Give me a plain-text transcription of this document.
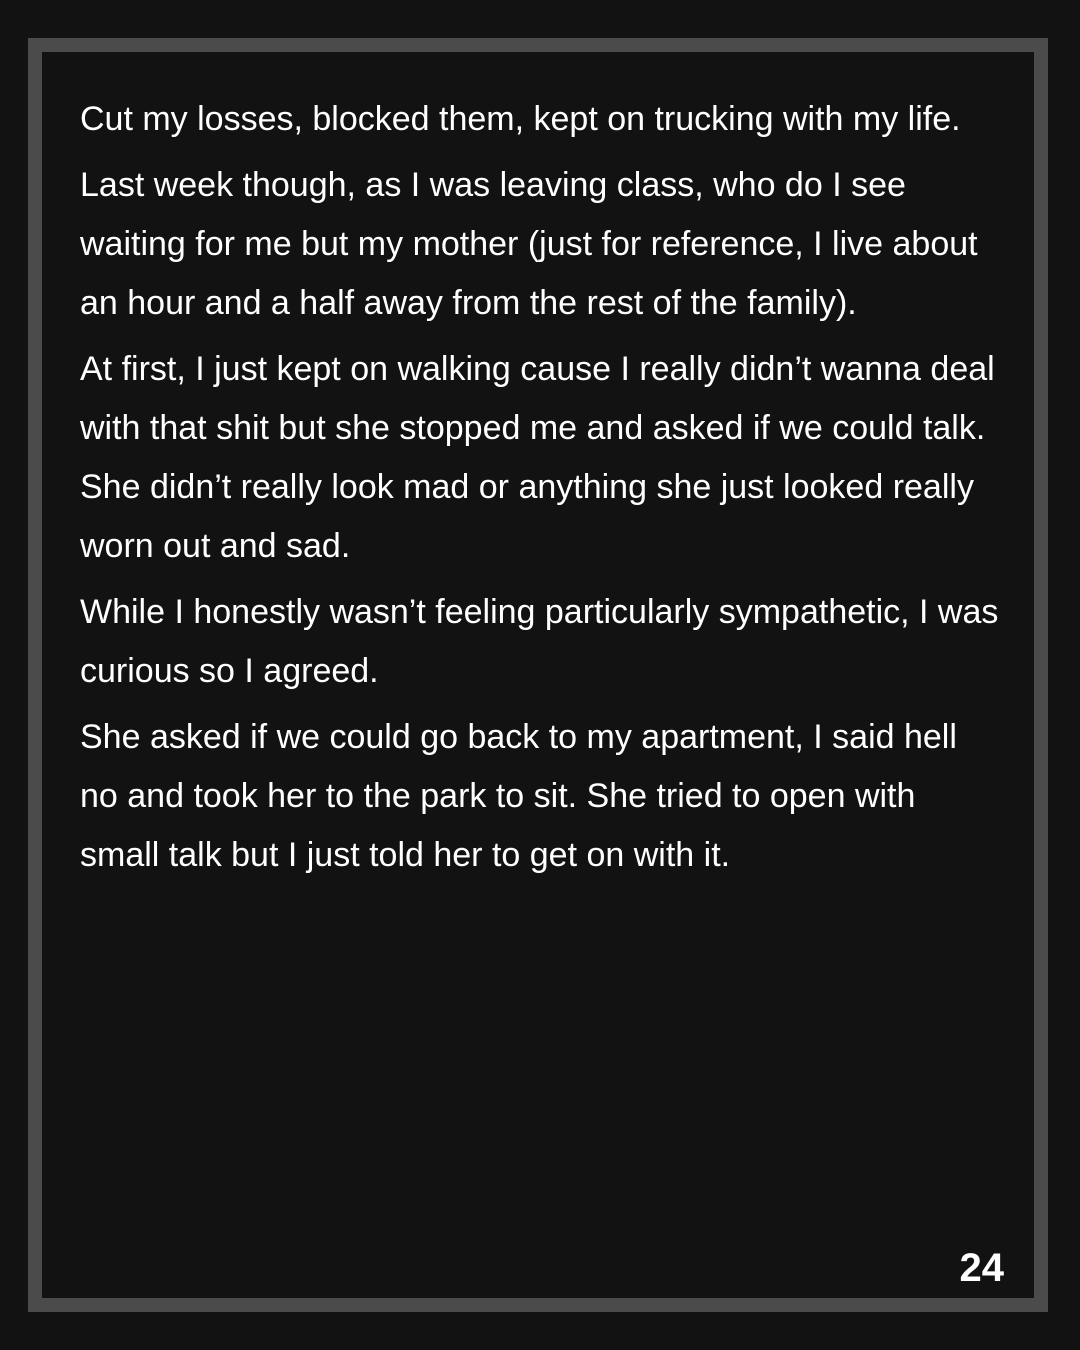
Cut my losses, blocked them, kept on trucking with my life.

Last week though, as I was leaving class, who do I see waiting for me but my mother (just for reference, I live about an hour and a half away from the rest of the family).

At first, I just kept on walking cause I really didn’t wanna deal with that shit but she stopped me and asked if we could talk. She didn’t really look mad or anything she just looked really worn out and sad.

While I honestly wasn’t feeling particularly sympathetic, I was curious so I agreed.

She asked if we could go back to my apartment, I said hell no and took her to the park to sit. She tried to open with small talk but I just told her to get on with it.

24
